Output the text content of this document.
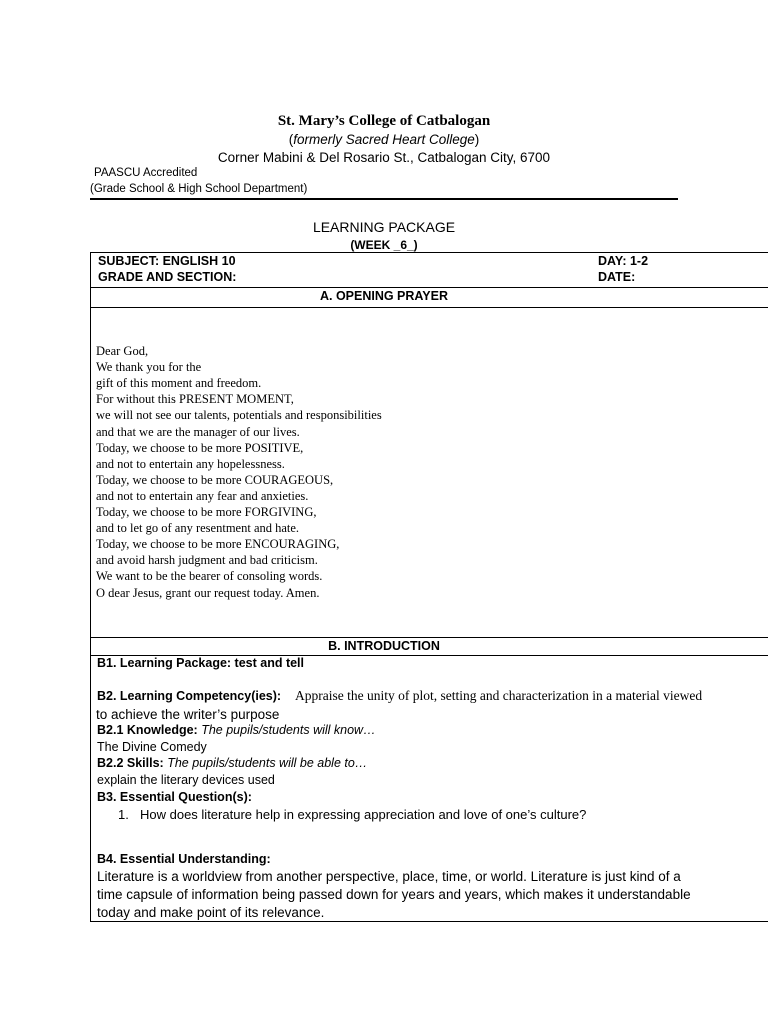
St. Mary’s College of Catbalogan
(formerly Sacred Heart College)
Corner Mabini & Del Rosario St., Catbalogan City, 6700
PAASCU Accredited
(Grade School & High School Department)
LEARNING PACKAGE
(WEEK _6_)
SUBJECT: ENGLISH 10
GRADE AND SECTION:
DAY: 1-2
DATE:
A. OPENING PRAYER
Dear God,
We thank you for the
gift of this moment and freedom.
For without this PRESENT MOMENT,
we will not see our talents, potentials and responsibilities
and that we are the manager of our lives.
Today, we choose to be more POSITIVE,
and not to entertain any hopelessness.
Today, we choose to be more COURAGEOUS,
and not to entertain any fear and anxieties.
Today, we choose to be more FORGIVING,
and to let go of any resentment and hate.
Today, we choose to be more ENCOURAGING,
and avoid harsh judgment and bad criticism.
We want to be the bearer of consoling words.
O dear Jesus, grant our request today. Amen.
B. INTRODUCTION
B1. Learning Package: test and tell
B2. Learning Competency(ies): Appraise the unity of plot, setting and characterization in a material viewed
to achieve the writer’s purpose
B2.1 Knowledge: The pupils/students will know…
The Divine Comedy
B2.2 Skills: The pupils/students will be able to…
explain the literary devices used
B3. Essential Question(s):
1. How does literature help in expressing appreciation and love of one’s culture?
B4. Essential Understanding:
Literature is a worldview from another perspective, place, time, or world. Literature is just kind of a
time capsule of information being passed down for years and years, which makes it understandable
today and make point of its relevance.
